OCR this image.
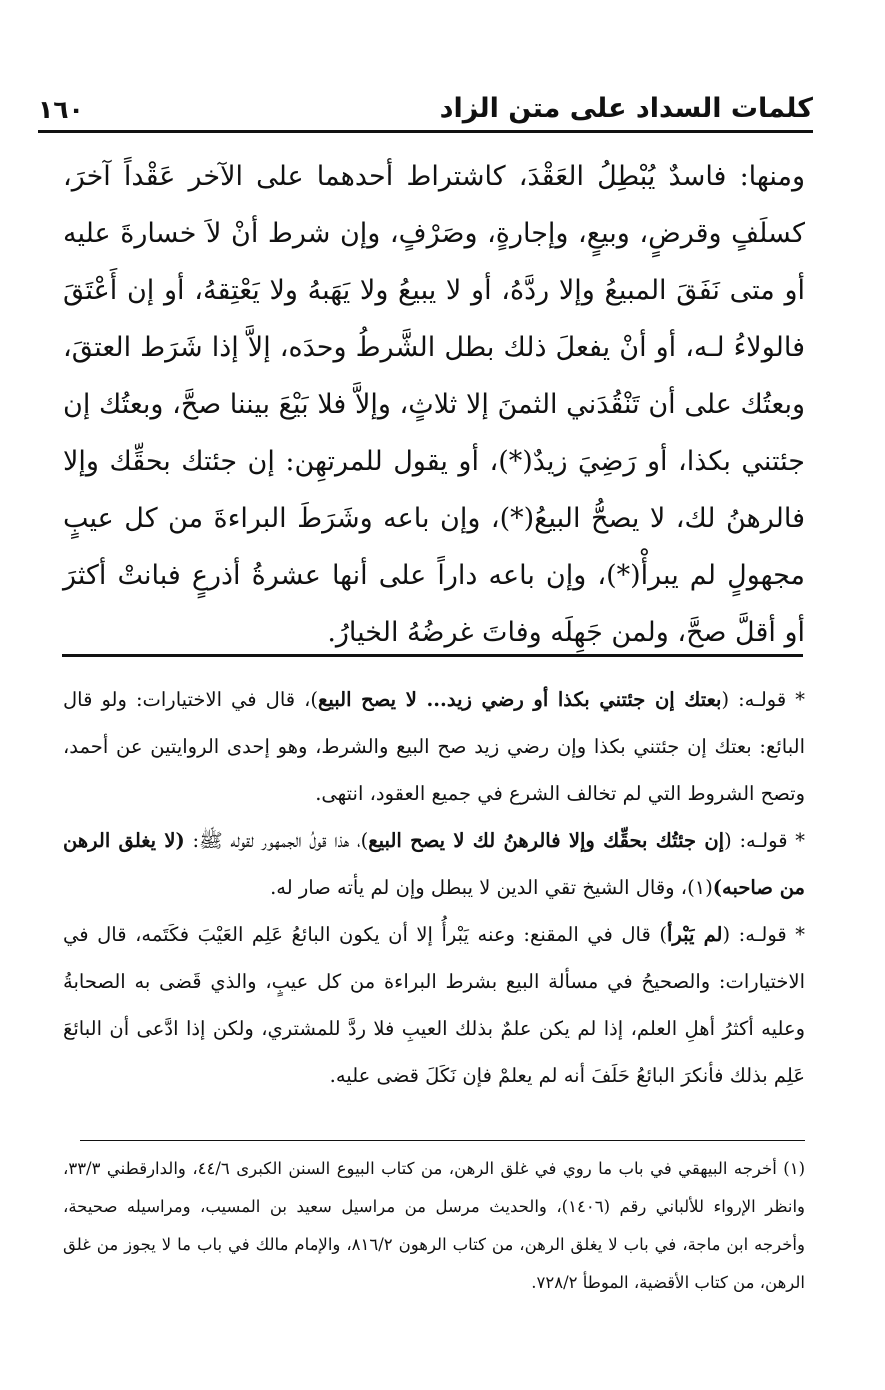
كلمات السداد على متن الزاد
١٦٠

ومنها: فاسدٌ يُبْطِلُ العَقْدَ، كاشتراط أحدهما على الآخر عَقْداً آخرَ، كسلَفٍ وقرضٍ، وبيعٍ، وإجارةٍ، وصَرْفٍ، وإن شرط أنْ لاَ خسارةَ عليه أو متى نَفَقَ المبيعُ وإلا ردَّهُ، أو لا يبيعُ ولا يَهَبهُ ولا يَعْتِقهُ، أو إن أَعْتَقَ فالولاءُ لـه، أو أنْ يفعلَ ذلك بطل الشَّرطُ وحدَه، إلاَّ إذا شَرَط العتقَ، وبعتُك على أن تَنْقُدَني الثمنَ إلا ثلاثٍ، وإلاَّ فلا بَيْعَ بيننا صحَّ، وبعتُك إن جئتني بكذا، أو رَضِيَ زيدٌ(*)، أو يقول للمرتهِن: إن جئتك بحقِّك وإلا فالرهنُ لك، لا يصحُّ البيعُ(*)، وإن باعه وشَرَطَ البراءةَ من كل عيبٍ مجهولٍ لم يبرأْ(*)، وإن باعه داراً على أنها عشرةُ أذرعٍ فبانتْ أكثرَ أو أقلَّ صحَّ، ولمن جَهِلَه وفاتَ غرضُهُ الخيارُ.

* قولـه: (بعتك إن جئتني بكذا أو رضي زيد... لا يصح البيع)، قال في الاختيارات: ولو قال البائع: بعتك إن جئتني بكذا وإن رضي زيد صح البيع والشرط، وهو إحدى الروايتين عن أحمد، وتصح الشروط التي لم تخالف الشرع في جميع العقود، انتهى.

* قولـه: (إن جئتُك بحقِّك وإلا فالرهنُ لك لا يصح البيع)، هذا قولُ الجمهور لقوله ﷺ: (لا يغلق الرهن من صاحبه)(١)، وقال الشيخ تقي الدين لا يبطل وإن لم يأته صار له.

* قولـه: (لم يَبْرأ) قال في المقنع: وعنه يَبْرأُ إلا أن يكون البائعُ عَلِم العَيْبَ فكَتَمه، قال في الاختيارات: والصحيحُ في مسألة البيع بشرط البراءة من كل عيبٍ، والذي قَضى به الصحابةُ وعليه أكثرُ أهلِ العلم، إذا لم يكن علمٌ بذلك العيبِ فلا ردَّ للمشتري، ولكن إذا ادَّعى أن البائعَ عَلِم بذلك فأنكرَ البائعُ حَلَفَ أنه لم يعلمْ فإن نَكَلَ قضى عليه.

(١) أخرجه البيهقي في باب ما روي في غلق الرهن، من كتاب البيوع السنن الكبرى ٤٤/٦، والدارقطني ٣٣/٣، وانظر الإرواء للألباني رقم (١٤٠٦)، والحديث مرسل من مراسيل سعيد بن المسيب، ومراسيله صحيحة، وأخرجه ابن ماجة، في باب لا يغلق الرهن، من كتاب الرهون ٨١٦/٢، والإمام مالك في باب ما لا يجوز من غلق الرهن، من كتاب الأقضية، الموطأ ٧٢٨/٢.
